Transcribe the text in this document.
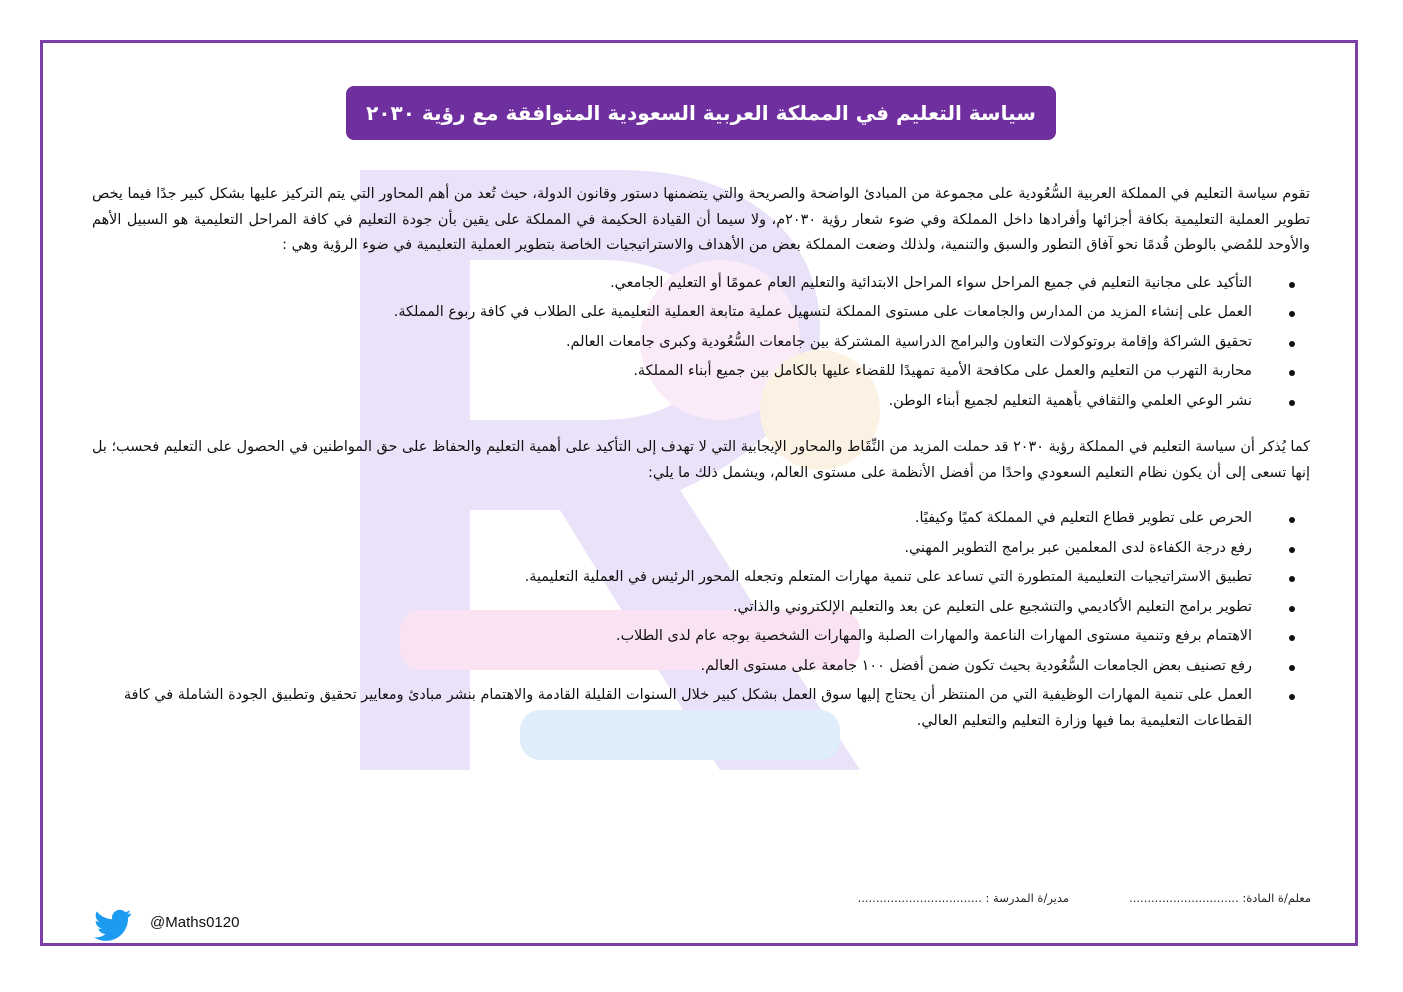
سياسة التعليم في المملكة العربية السعودية المتوافقة مع رؤية ٢٠٣٠

تقوم سياسة التعليم في المملكة العربية السُّعُودية على مجموعة من المبادئ الواضحة والصريحة والتي يتضمنها دستور وقانون الدولة، حيث تُعد من أهم المحاور التي يتم التركيز عليها بشكل كبير جدًا فيما يخص تطوير العملية التعليمية بكافة أجزائها وأفرادها داخل المملكة وفي ضوء شعار رؤية ٢٠٣٠م، ولا سيما أن القيادة الحكيمة في المملكة على يقين بأن جودة التعليم في كافة المراحل التعليمية هو السبيل الأهم والأوحد للمُضي بالوطن قُدمًا نحو آفاق التطور والسبق والتنمية، ولذلك وضعت المملكة بعض من الأهداف والاستراتيجيات الخاصة بتطوير العملية التعليمية في ضوء الرؤية وهي :

التأكيد على مجانية التعليم في جميع المراحل سواء المراحل الابتدائية والتعليم العام عمومًا أو التعليم الجامعي.
العمل على إنشاء المزيد من المدارس والجامعات على مستوى المملكة لتسهيل عملية متابعة العملية التعليمية على الطلاب في كافة ربوع المملكة.
تحقيق الشراكة وإقامة بروتوكولات التعاون والبرامج الدراسية المشتركة بين جامعات السُّعُودية وكبرى جامعات العالم.
محاربة التهرب من التعليم والعمل على مكافحة الأمية تمهيدًا للقضاء عليها بالكامل بين جميع أبناء المملكة.
نشر الوعي العلمي والثقافي بأهمية التعليم لجميع أبناء الوطن.

كما يُذكر أن سياسة التعليم في المملكة رؤية ٢٠٣٠ قد حملت المزيد من النِّقَاط والمحاور الإيجابية التي لا تهدف إلى التأكيد على أهمية التعليم والحفاظ على حق المواطنين في الحصول على التعليم فحسب؛ بل إنها تسعى إلى أن يكون نظام التعليم السعودي واحدًا من أفضل الأنظمة على مستوى العالم، ويشمل ذلك ما يلي:

الحرص على تطوير قطاع التعليم في المملكة كميًا وكيفيًا.
رفع درجة الكفاءة لدى المعلمين عبر برامج التطوير المهني.
تطبيق الاستراتيجيات التعليمية المتطورة التي تساعد على تنمية مهارات المتعلم وتجعله المحور الرئيس في العملية التعليمية.
تطوير برامج التعليم الأكاديمي والتشجيع على التعليم عن بعد والتعليم الإلكتروني والذاتي.
الاهتمام برفع وتنمية مستوى المهارات الناعمة والمهارات الصلبة والمهارات الشخصية بوجه عام لدى الطلاب.
رفع تصنيف بعض الجامعات السُّعُودية بحيث تكون ضمن أفضل ١٠٠ جامعة على مستوى العالم.
العمل على تنمية المهارات الوظيفية التي من المنتظر أن يحتاج إليها سوق العمل بشكل كبير خلال السنوات القليلة القادمة والاهتمام بنشر مبادئ ومعايير تحقيق وتطبيق الجودة الشاملة في كافة القطاعات التعليمية بما فيها وزارة التعليم والتعليم العالي.
معلم/ة المادة: ..............................
مدير/ة المدرسة : ..................................
@Maths0120
